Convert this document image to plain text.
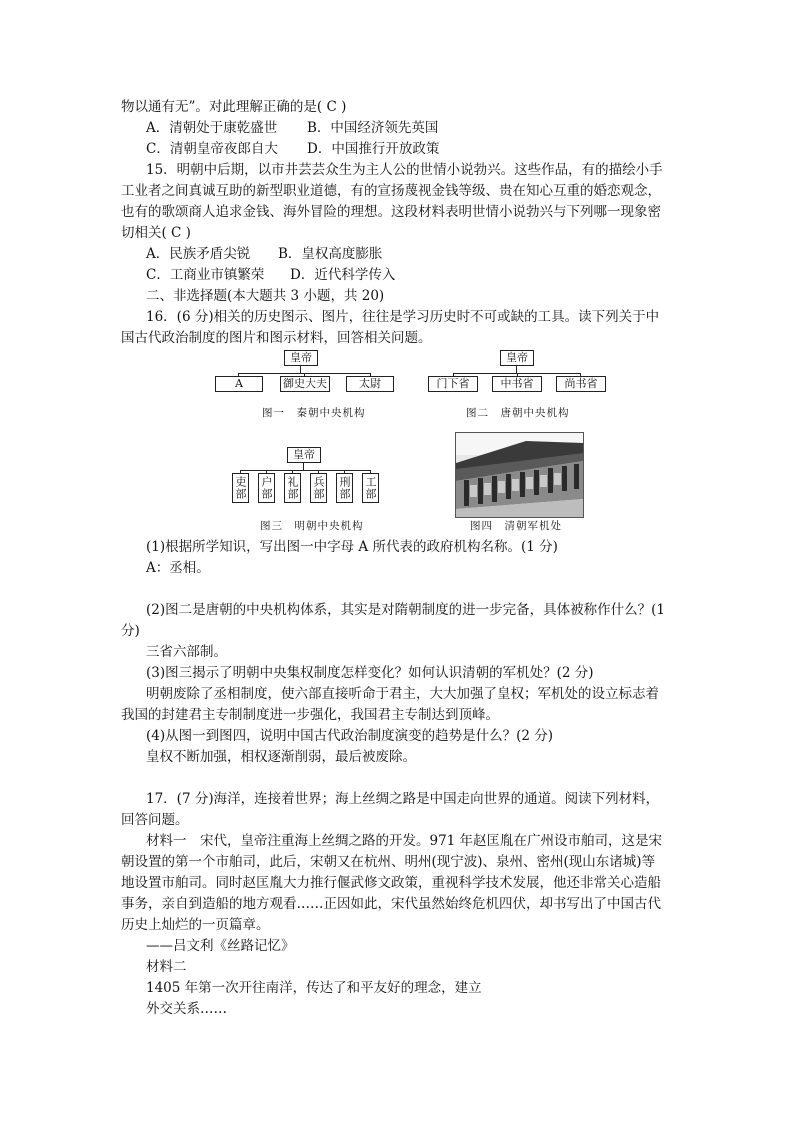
物以通有无”。对此理解正确的是( C )
A．清朝处于康乾盛世 B．中国经济领先英国
C．清朝皇帝夜郎自大 D．中国推行开放政策
15．明朝中后期，以市井芸芸众生为主人公的世情小说勃兴。这些作品，有的描绘小手
工业者之间真诚互助的新型职业道德，有的宣扬蔑视金钱等级、贵在知心互重的婚恋观念，
也有的歌颂商人追求金钱、海外冒险的理想。这段材料表明世情小说勃兴与下列哪一现象密
切相关( C )
A．民族矛盾尖锐 B．皇权高度膨胀
C．工商业市镇繁荣 D．近代科学传入
二、非选择题(本大题共 3 小题，共 20)
16．(6 分)相关的历史图示、图片，往往是学习历史时不可或缺的工具。读下列关于中
国古代政治制度的图片和图示材料，回答相关问题。
皇帝
A	御史大夫	太尉
图一　秦朝中央机构
皇帝
门下省	中书省	尚书省
图二　唐朝中央机构
皇帝
吏部 户部 礼部 兵部 刑部 工部
图三　明朝中央机构	图四　清朝军机处
(1)根据所学知识，写出图一中字母 A 所代表的政府机构名称。(1 分)
A：丞相。
(2)图二是唐朝的中央机构体系，其实是对隋朝制度的进一步完备，具体被称作什么？(1
分)
三省六部制。
(3)图三揭示了明朝中央集权制度怎样变化？如何认识清朝的军机处？(2 分)
明朝废除了丞相制度，使六部直接听命于君主，大大加强了皇权；军机处的设立标志着
我国的封建君主专制制度进一步强化，我国君主专制达到顶峰。
(4)从图一到图四，说明中国古代政治制度演变的趋势是什么？(2 分)
皇权不断加强，相权逐渐削弱，最后被废除。
17．(7 分)海洋，连接着世界；海上丝绸之路是中国走向世界的通道。阅读下列材料，
回答问题。
材料一　宋代，皇帝注重海上丝绸之路的开发。971 年赵匡胤在广州设市舶司，这是宋
朝设置的第一个市舶司，此后，宋朝又在杭州、明州(现宁波)、泉州、密州(现山东诸城)等
地设置市舶司。同时赵匡胤大力推行偃武修文政策，重视科学技术发展，他还非常关心造船
事务，亲自到造船的地方观看……正因如此，宋代虽然始终危机四伏，却书写出了中国古代
历史上灿烂的一页篇章。
——吕文利《丝路记忆》
材料二
1405 年第一次开往南洋，传达了和平友好的理念，建立
外交关系……
